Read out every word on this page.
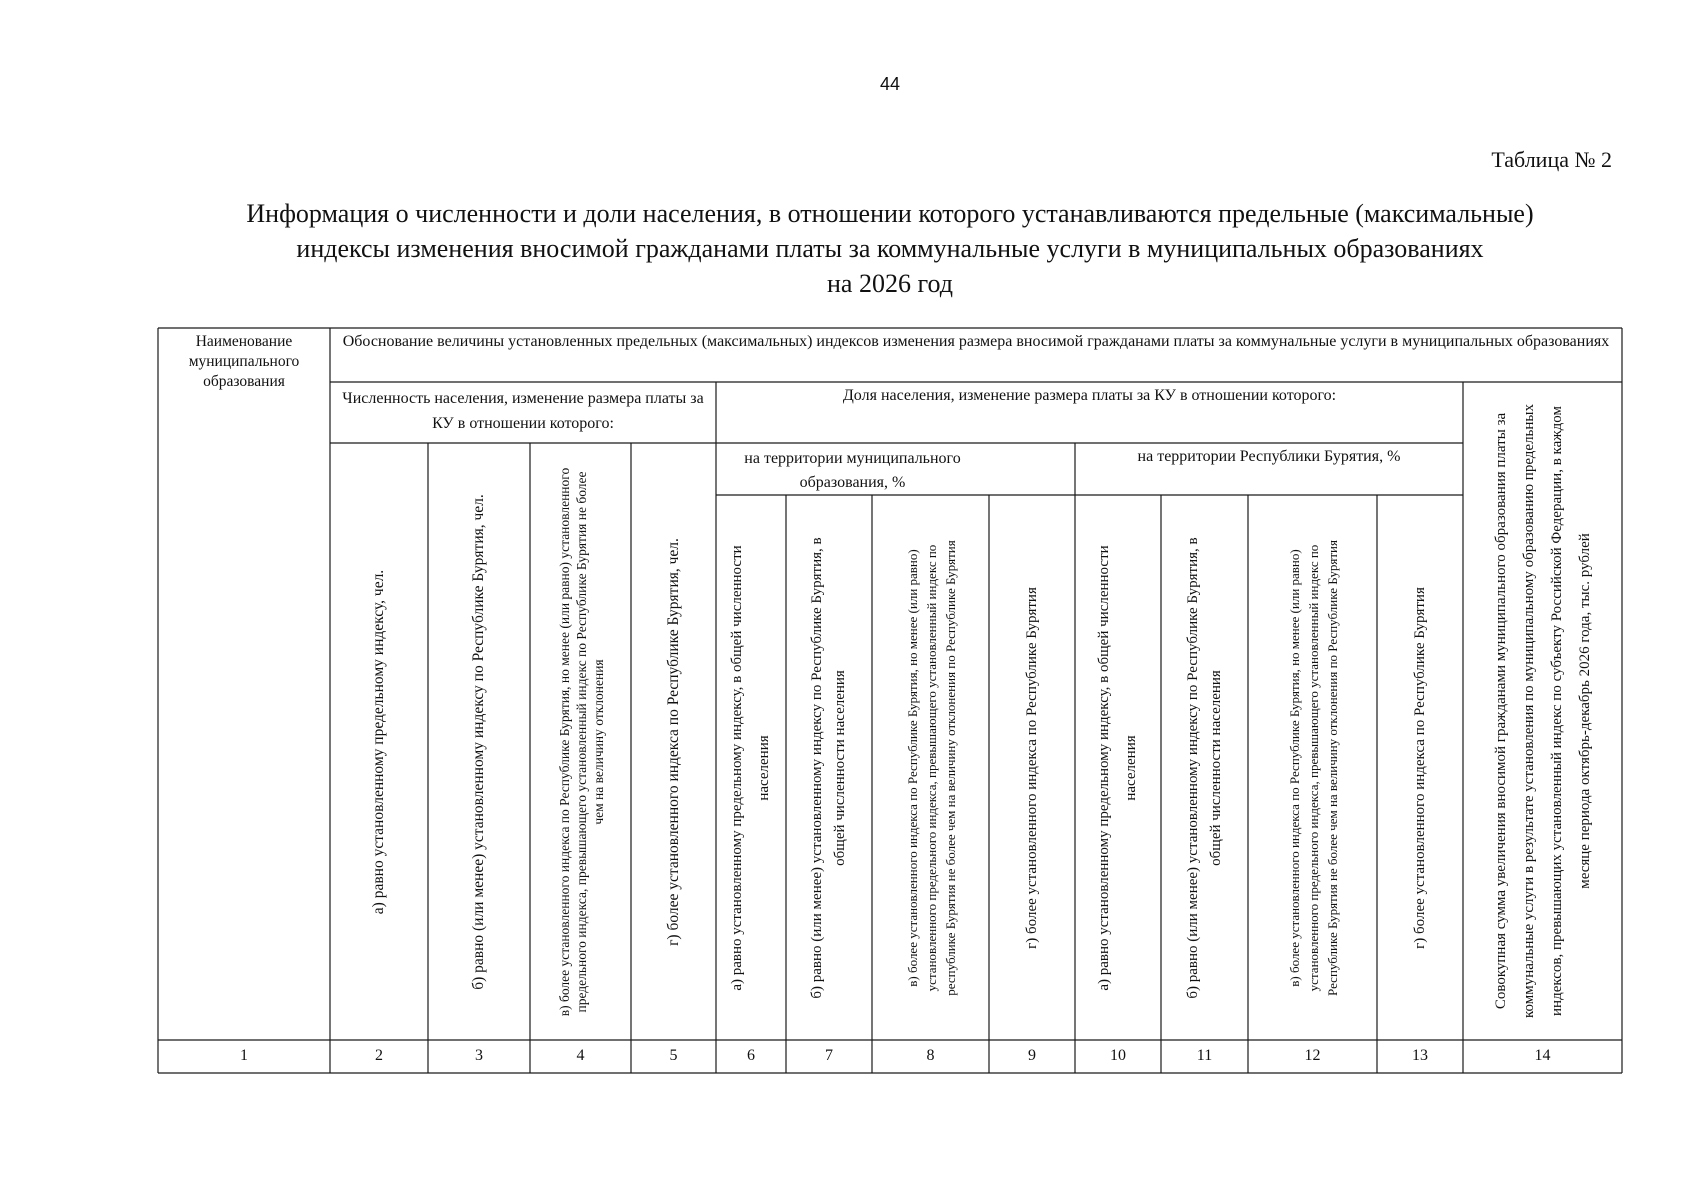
44
Таблица № 2
Информация о численности и доли населения, в отношении которого устанавливаются предельные (максимальные)
индексы изменения вносимой гражданами платы за коммунальные услуги в муниципальных образованиях
на 2026 год
Наименование муниципального образования
Обоснование величины установленных предельных (максимальных) индексов изменения размера вносимой гражданами платы за коммунальные услуги в муниципальных образованиях
Численность населения, изменение размера платы за КУ в отношении которого:
Доля населения, изменение размера платы за КУ в отношении которого:
на территории муниципального образования, %
на территории Республики Бурятия, %
а) равно установленному предельному индексу, чел.	б) равно (или менее) установленному индексу по Республике Бурятия, чел.	в) более установленного индекса по Республике Бурятия, но менее (или равно) установленного предельного индекса, превышающего установленный индекс по Республике Бурятия не более чем на величину отклонения	г) более установленного индекса по Республике Бурятия, чел.	а) равно установленному предельному индексу, в общей численности населения	б) равно (или менее) установленному индексу по Республике Бурятия, в общей численности населения	в) более установленного индекса по Республике Бурятия, но менее (или равно) установленного предельного индекса, превышающего установленный индекс по республике Бурятия не более чем на величину отклонения по Республике Бурятия	г) более установленного индекса по Республике Бурятия	а) равно установленному предельному индексу, в общей численности населения	б) равно (или менее) установленному индексу по Республике Бурятия, в общей численности населения	в) более установленного индекса по Республике Бурятия, но менее (или равно) установленного предельного индекса, превышающего установленный индекс по Республике Бурятия не более чем на величину отклонения по Республике Бурятия	г) более установленного индекса по Республике Бурятия	Совокупная сумма увеличения вносимой гражданами муниципального образования платы за коммунальные услуги в результате установления по муниципальному образованию предельных индексов, превышающих установленный индекс по субъекту Российской Федерации, в каждом месяце периода октябрь-декабрь 2026 года, тыс. рублей
1	2	3	4	5	6	7	8	9	10	11	12	13	14
